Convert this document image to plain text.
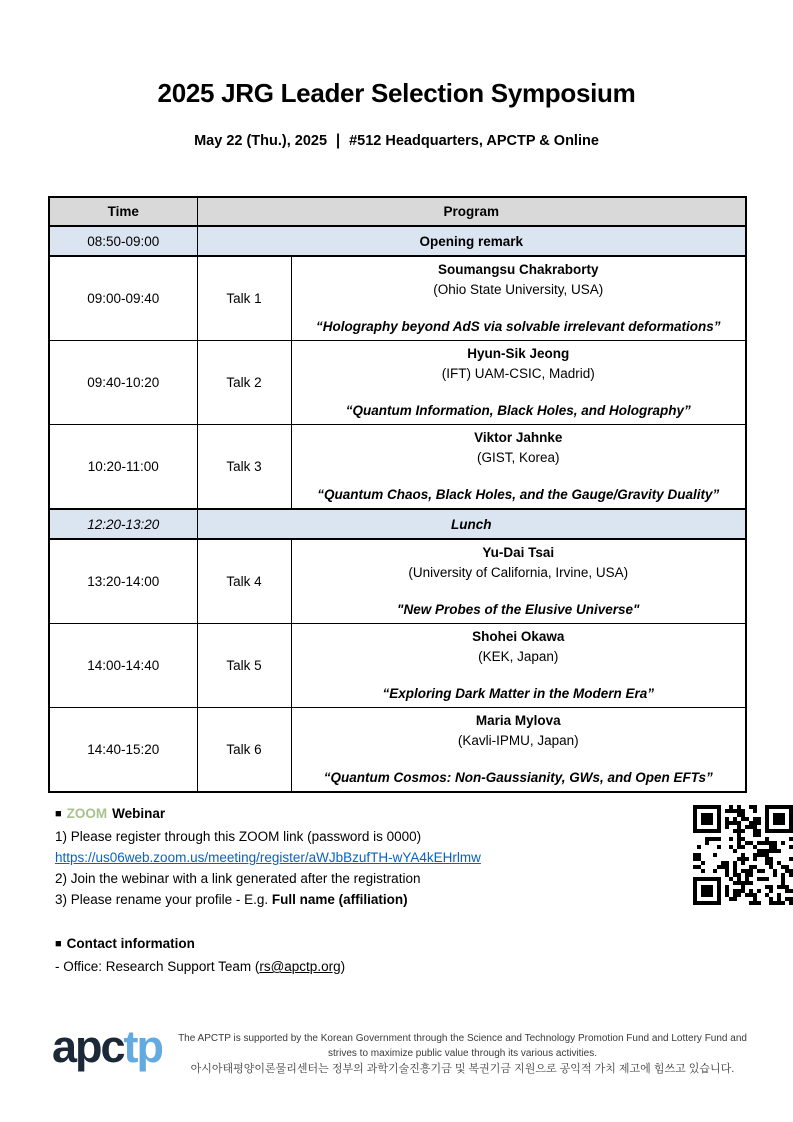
2025 JRG Leader Selection Symposium
May 22 (Thu.), 2025 | #512 Headquarters, APCTP & Online
Time	Program	
08:50-09:00	Opening remark	
09:00-09:40	Talk 1	Soumangsu Chakraborty
(Ohio State University, USA)
“Holography beyond AdS via solvable irrelevant deformations”

09:40-10:20	Talk 2	Hyun-Sik Jeong
(IFT) UAM-CSIC, Madrid)
“Quantum Information, Black Holes, and Holography”

10:20-11:00	Talk 3	Viktor Jahnke
(GIST, Korea)
“Quantum Chaos, Black Holes, and the Gauge/Gravity Duality”

12:20-13:20	Lunch	
13:20-14:00	Talk 4	Yu-Dai Tsai
(University of California, Irvine, USA)
"New Probes of the Elusive Universe"

14:00-14:40	Talk 5	Shohei Okawa
(KEK, Japan)
“Exploring Dark Matter in the Modern Era”

14:40-15:20	Talk 6	Maria Mylova
(Kavli-IPMU, Japan)
“Quantum Cosmos: Non-Gaussianity, GWs, and Open EFTs”
■ ZOOM Webinar
1) Please register through this ZOOM link (password is 0000)
https://us06web.zoom.us/meeting/register/aWJbBzufTH-wYA4kEHrlmw
2) Join the webinar with a link generated after the registration
3) Please rename your profile - E.g. Full name (affiliation)
■ Contact information
- Office: Research Support Team (rs@apctp.org)
apctp	The APCTP is supported by the Korean Government through the Science and Technology Promotion Fund and Lottery Fund and
strives to maximize public value through its various activities.
아시아태평양이론물리센터는 정부의 과학기술진흥기금 및 복권기금 지원으로 공익적 가치 제고에 힘쓰고 있습니다.
